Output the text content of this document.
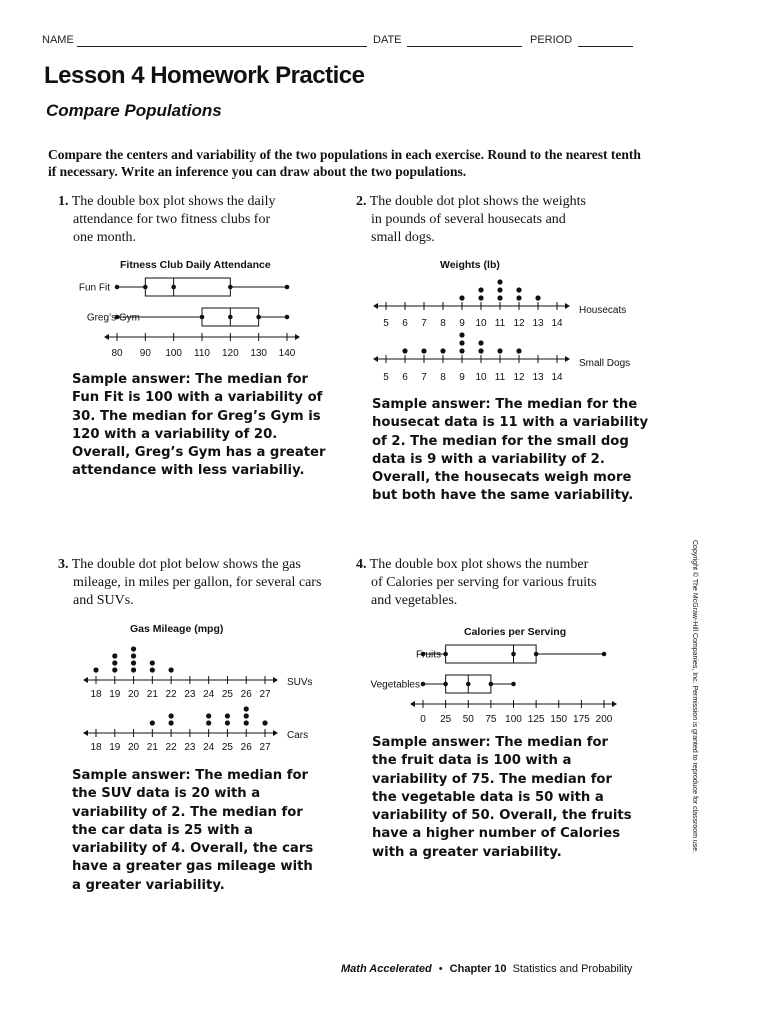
NAME	DATE	PERIOD
Lesson 4 Homework Practice
Compare Populations
Compare the centers and variability of the two populations in each exercise. Round to the nearest tenth if necessary. Write an inference you can draw about the two populations.
1. The double box plot shows the daily
attendance for two fitness clubs for
one month.
Fitness Club Daily Attendance
80 90 100 110 120 130 140
Fun Fit
Greg’s Gym
Sample answer: The median for
Fun Fit is 100 with a variability of
30. The median for Greg’s Gym is
120 with a variability of 20.
Overall, Greg’s Gym has a greater
attendance with less variabiliy.
2. The double dot plot shows the weights
in pounds of several housecats and
small dogs.
Weights (lb)
5 6 7 8 9 10 11 12 13 14
Housecats
5 6 7 8 9 10 11 12 13 14
Small Dogs
Sample answer: The median for the
housecat data is 11 with a variability
of 2. The median for the small dog
data is 9 with a variability of 2.
Overall, the housecats weigh more
but both have the same variability.
3. The double dot plot below shows the gas
mileage, in miles per gallon, for several cars
and SUVs.
Gas Mileage (mpg)
18 19 20 21 22 23 24 25 26 27
SUVs
18 19 20 21 22 23 24 25 26 27
Cars
Sample answer: The median for
the SUV data is 20 with a
variability of 2. The median for
the car data is 25 with a
variability of 4. Overall, the cars
have a greater gas mileage with
a greater variability.
4. The double box plot shows the number
of Calories per serving for various fruits
and vegetables.
Calories per Serving
0 25 50 75 100 125 150 175 200
Fruits
Vegetables
Sample answer: The median for
the fruit data is 100 with a
variability of 75. The median for
the vegetable data is 50 with a
variability of 50. Overall, the fruits
have a higher number of Calories
with a greater variability.	Copyright © The McGraw-Hill Companies, Inc. Permission is granted to reproduce for classroom use.
Math Accelerated • Chapter 10 Statistics and Probability
